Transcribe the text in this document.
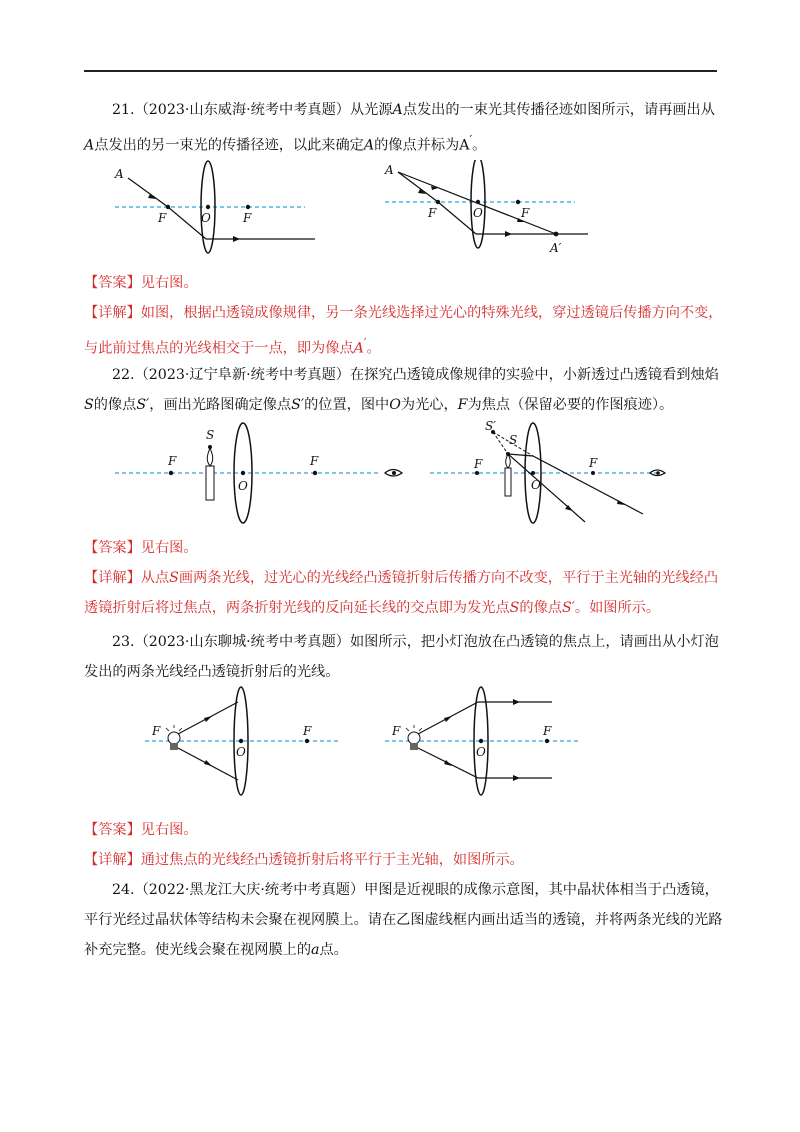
21.（2023·山东威海·统考中考真题）从光源A点发出的一束光其传播径迹如图所示，请再画出从
A点发出的另一束光的传播径迹，以此来确定A的像点并标为A′。
A
F	O	F
A
F	O	F
A′
【答案】见右图。
【详解】如图，根据凸透镜成像规律，另一条光线选择过光心的特殊光线，穿过透镜后传播方向不变，与此前过焦点的光线相交于一点，即为像点A′。
22.（2023·辽宁阜新·统考中考真题）在探究凸透镜成像规律的实验中，小新透过凸透镜看到烛焰
S的像点S′，画出光路图确定像点S′的位置，图中O为光心，F为焦点（保留必要的作图痕迹）。
F
S
O
F
S′
S
F
O
F
【答案】见右图。
【详解】从点S画两条光线，过光心的光线经凸透镜折射后传播方向不改变，平行于主光轴的光线经凸透镜折射后将过焦点，两条折射光线的反向延长线的交点即为发光点S的像点S′。如图所示。
23.（2023·山东聊城·统考中考真题）如图所示，把小灯泡放在凸透镜的焦点上，请画出从小灯泡发出的两条光线经凸透镜折射后的光线。
F
O
F	F
O
F
【答案】见右图。
【详解】通过焦点的光线经凸透镜折射后将平行于主光轴，如图所示。
24.（2022·黑龙江大庆·统考中考真题）甲图是近视眼的成像示意图，其中晶状体相当于凸透镜，平行光经过晶状体等结构未会聚在视网膜上。请在乙图虚线框内画出适当的透镜，并将两条光线的光路补充完整。使光线会聚在视网膜上的a点。
